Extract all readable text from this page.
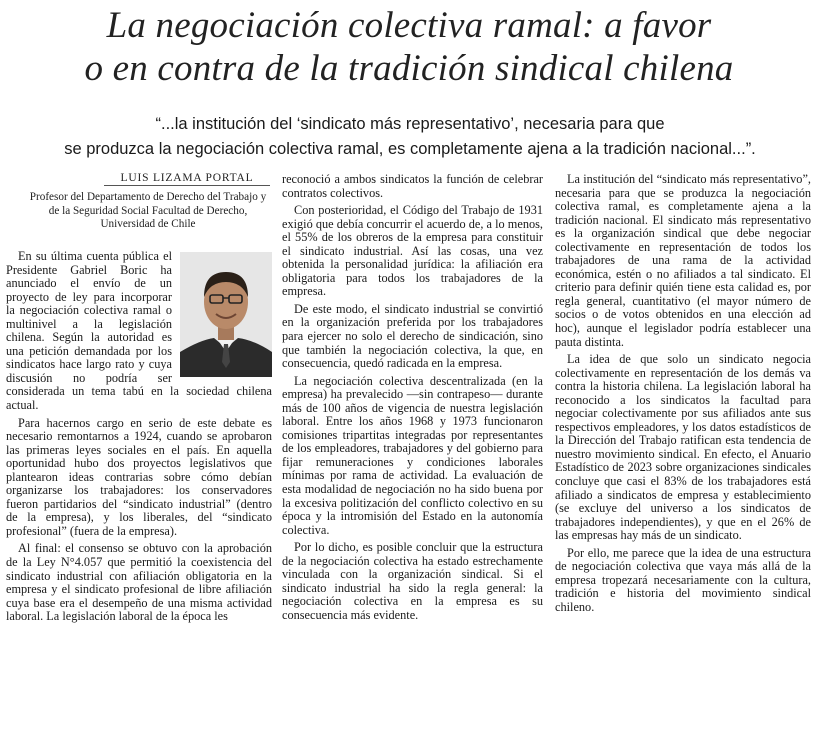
La negociación colectiva ramal: a favor
o en contra de la tradición sindical chilena
“...la institución del ‘sindicato más representativo’, necesaria para que
se produzca la negociación colectiva ramal, es completamente ajena a la tradición nacional...”.
LUIS LIZAMA PORTAL
Profesor del Departamento de Derecho del Trabajo y de la Seguridad Social Facultad de Derecho, Universidad de Chile

En su última cuenta pública el Presidente Gabriel Boric ha anunciado el envío de un proyecto de ley para incorporar la negociación colectiva ramal o multinivel a la legislación chilena. Según la autoridad es una petición demandada por los sindicatos hace largo rato y cuya discusión no podría ser considerada un tema tabú en la sociedad chilena actual.

Para hacernos cargo en serio de este debate es necesario remontarnos a 1924, cuando se aprobaron las primeras leyes sociales en el país. En aquella oportunidad hubo dos proyectos legislativos que plantearon ideas contrarias sobre cómo debían organizarse los trabajadores: los conservadores fueron partidarios del “sindicato industrial” (dentro de la empresa), y los liberales, del “sindicato profesional” (fuera de la empresa).

Al final: el consenso se obtuvo con la aprobación de la Ley N°4.057 que permitió la coexistencia del sindicato industrial con afiliación obligatoria en la empresa y el sindicato profesional de libre afiliación cuya base era el desempeño de una misma actividad laboral. La legislación laboral de la época les

reconoció a ambos sindicatos la función de celebrar contratos colectivos.

Con posterioridad, el Código del Trabajo de 1931 exigió que debía concurrir el acuerdo de, a lo menos, el 55% de los obreros de la empresa para constituir el sindicato industrial. Así las cosas, una vez obtenida la personalidad jurídica: la afiliación era obligatoria para todos los trabajadores de la empresa.

De este modo, el sindicato industrial se convirtió en la organización preferida por los trabajadores para ejercer no solo el derecho de sindicación, sino que también la negociación colectiva, la que, en consecuencia, quedó radicada en la empresa.

La negociación colectiva descentralizada (en la empresa) ha prevalecido —sin contrapeso— durante más de 100 años de vigencia de nuestra legislación laboral. Entre los años 1968 y 1973 funcionaron comisiones tripartitas integradas por representantes de los empleadores, trabajadores y del gobierno para fijar remuneraciones y condiciones laborales mínimas por rama de actividad. La evaluación de esta modalidad de negociación no ha sido buena por la excesiva politización del conflicto colectivo en su época y la intromisión del Estado en la autonomía colectiva.

Por lo dicho, es posible concluir que la estructura de la negociación colectiva ha estado estrechamente vinculada con la organización sindical. Si el sindicato industrial ha sido la regla general: la negociación colectiva en la empresa es su consecuencia más evidente.

La institución del “sindicato más representativo”, necesaria para que se produzca la negociación colectiva ramal, es completamente ajena a la tradición nacional. El sindicato más representativo es la organización sindical que debe negociar colectivamente en representación de todos los trabajadores de una rama de la actividad económica, estén o no afiliados a tal sindicato. El criterio para definir quién tiene esta calidad es, por regla general, cuantitativo (el mayor número de socios o de votos obtenidos en una elección ad hoc), aunque el legislador podría establecer una pauta distinta.

La idea de que solo un sindicato negocia colectivamente en representación de los demás va contra la historia chilena. La legislación laboral ha reconocido a los sindicatos la facultad para negociar colectivamente por sus afiliados ante sus respectivos empleadores, y los datos estadísticos de la Dirección del Trabajo ratifican esta tendencia de nuestro movimiento sindical. En efecto, el Anuario Estadístico de 2023 sobre organizaciones sindicales concluye que casi el 83% de los trabajadores está afiliado a sindicatos de empresa y establecimiento (se excluye del universo a los sindicatos de trabajadores independientes), y que en el 26% de las empresas hay más de un sindicato.

Por ello, me parece que la idea de una estructura de negociación colectiva que vaya más allá de la empresa tropezará necesariamente con la cultura, tradición e historia del movimiento sindical chileno.
